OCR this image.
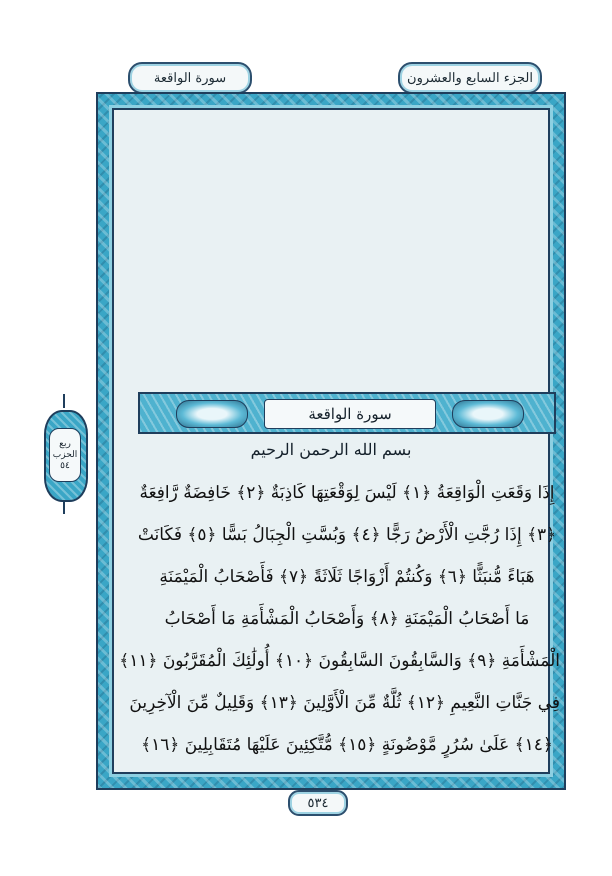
الجزء السابع والعشرون
سورة الواقعة
سورة الواقعة
بسم الله الرحمن الرحيم
إِذَا وَقَعَتِ الْوَاقِعَةُ ﴿١﴾ لَيْسَ لِوَقْعَتِهَا كَاذِبَةٌ ﴿٢﴾ خَافِضَةٌ رَّافِعَةٌ
﴿٣﴾ إِذَا رُجَّتِ الْأَرْضُ رَجًّا ﴿٤﴾ وَبُسَّتِ الْجِبَالُ بَسًّا ﴿٥﴾ فَكَانَتْ
هَبَاءً مُّنبَثًّا ﴿٦﴾ وَكُنتُمْ أَزْوَاجًا ثَلَاثَةً ﴿٧﴾ فَأَصْحَابُ الْمَيْمَنَةِ
مَا أَصْحَابُ الْمَيْمَنَةِ ﴿٨﴾ وَأَصْحَابُ الْمَشْأَمَةِ مَا أَصْحَابُ
الْمَشْأَمَةِ ﴿٩﴾ وَالسَّابِقُونَ السَّابِقُونَ ﴿١٠﴾ أُولَٰئِكَ الْمُقَرَّبُونَ ﴿١١﴾
فِي جَنَّاتِ النَّعِيمِ ﴿١٢﴾ ثُلَّةٌ مِّنَ الْأَوَّلِينَ ﴿١٣﴾ وَقَلِيلٌ مِّنَ الْآخِرِينَ
﴿١٤﴾ عَلَىٰ سُرُرٍ مَّوْضُونَةٍ ﴿١٥﴾ مُّتَّكِئِينَ عَلَيْهَا مُتَقَابِلِينَ ﴿١٦﴾
٥٣٤
ربع
الحزب
٥٤
